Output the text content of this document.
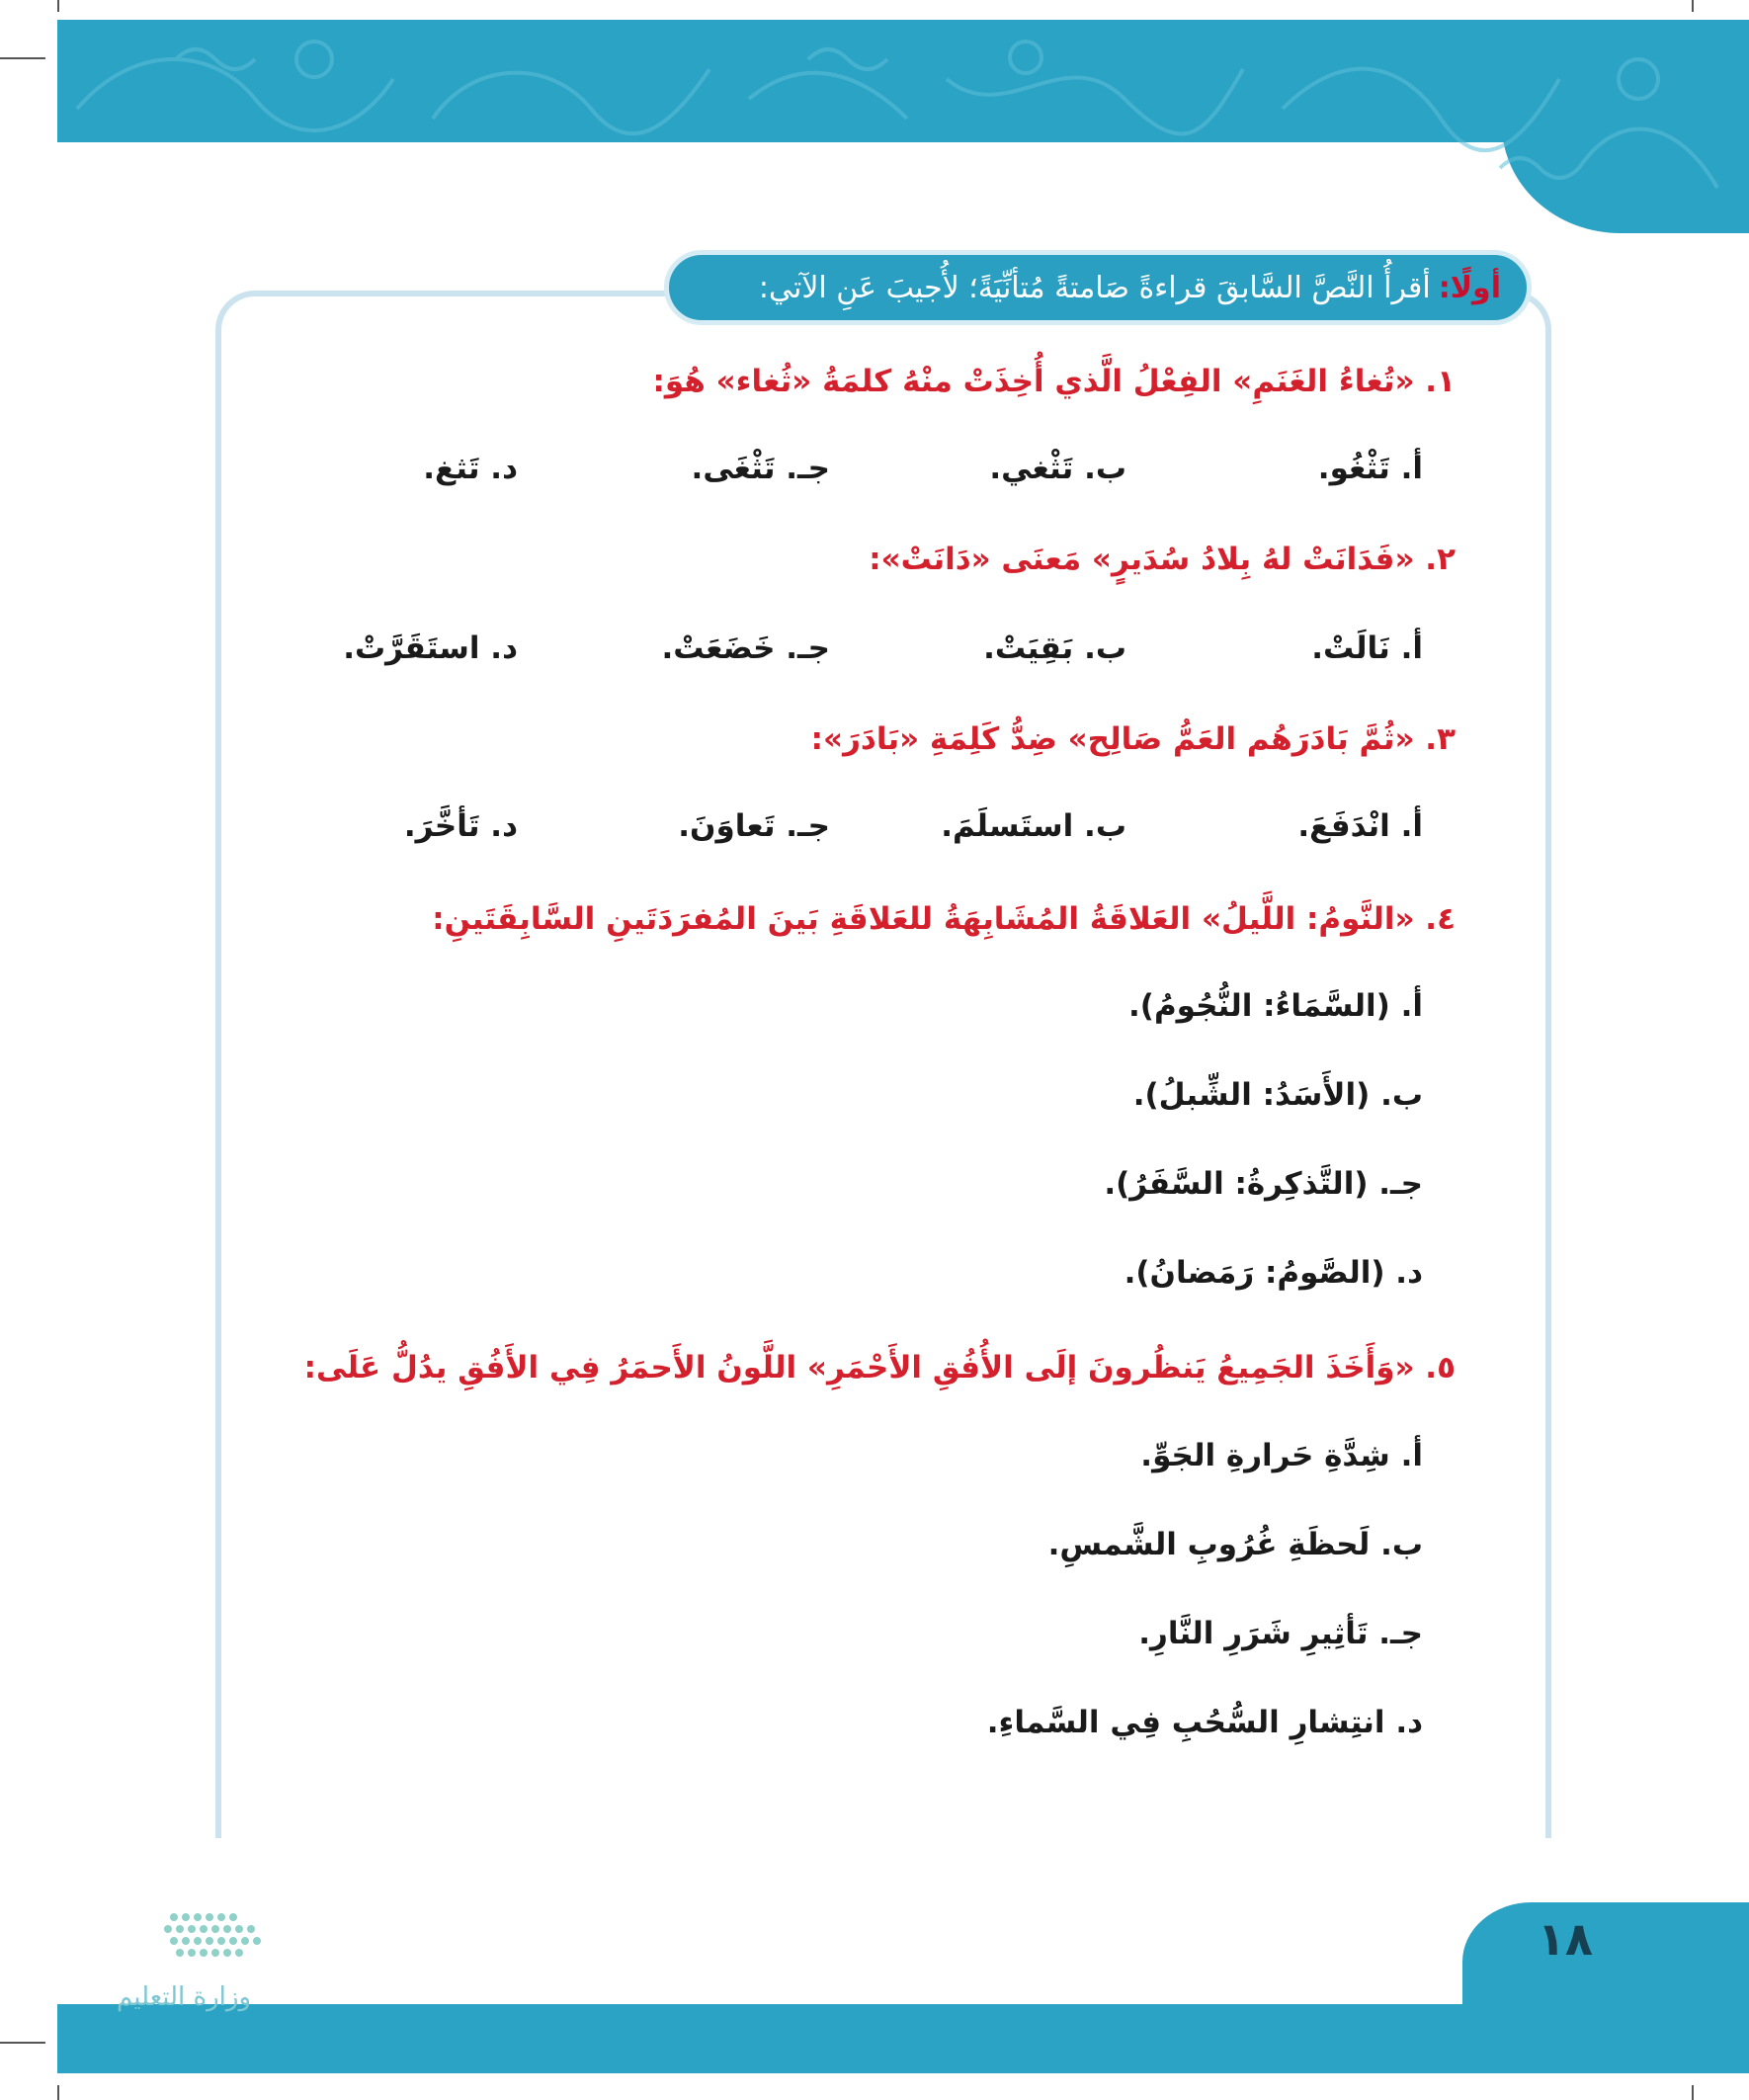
أولًا:
أقرأُ النَّصَّ السَّابقَ قراءةً صَامتةً مُتأنِّيَةً؛ لأُجيبَ عَنِ الآتي:
١. «تُغاءُ الغَنَمِ» الفِعْلُ الَّذي أُخِذَتْ منْهُ كلمَةُ «ثُغاء» هُوَ:
أ. تَثْغُو.
ب. تَثْغي.
جـ. تَثْغَى.
د. تَثغ.
٢. «فَدَانَتْ لهُ بِلادُ سُدَيرٍ» مَعنَى «دَانَتْ»:
أ. نَالَتْ.
ب. بَقِيَتْ.
جـ. خَضَعَتْ.
د. استَقَرَّتْ.
٣. «ثُمَّ بَادَرَهُم العَمُّ صَالِح» ضِدُّ كَلِمَةِ «بَادَرَ»:
أ. انْدَفَعَ.
ب. استَسلَمَ.
جـ. تَعاوَنَ.
د. تَأخَّرَ.
٤. «النَّومُ: اللَّيلُ» العَلاقَةُ المُشَابِهَةُ للعَلاقَةِ بَينَ المُفرَدَتَينِ السَّابِقَتَينِ:
أ. (السَّمَاءُ: النُّجُومُ).
ب. (الأَسَدُ: الشِّبلُ).
جـ. (التَّذكِرةُ: السَّفَرُ).
د. (الصَّومُ: رَمَضانُ).
٥. «وَأَخَذَ الجَمِيعُ يَنظُرونَ إلَى الأُفُقِ الأَحْمَرِ» اللَّونُ الأَحمَرُ فِي الأَفُقِ يدُلُّ عَلَى:
أ. شِدَّةِ حَرارةِ الجَوِّ.
ب. لَحظَةِ غُرُوبِ الشَّمسِ.
جـ. تَأثِيرِ شَرَرِ النَّارِ.
د. انتِشارِ السُّحُبِ فِي السَّماءِ.
١٨
وزارة التعليم
